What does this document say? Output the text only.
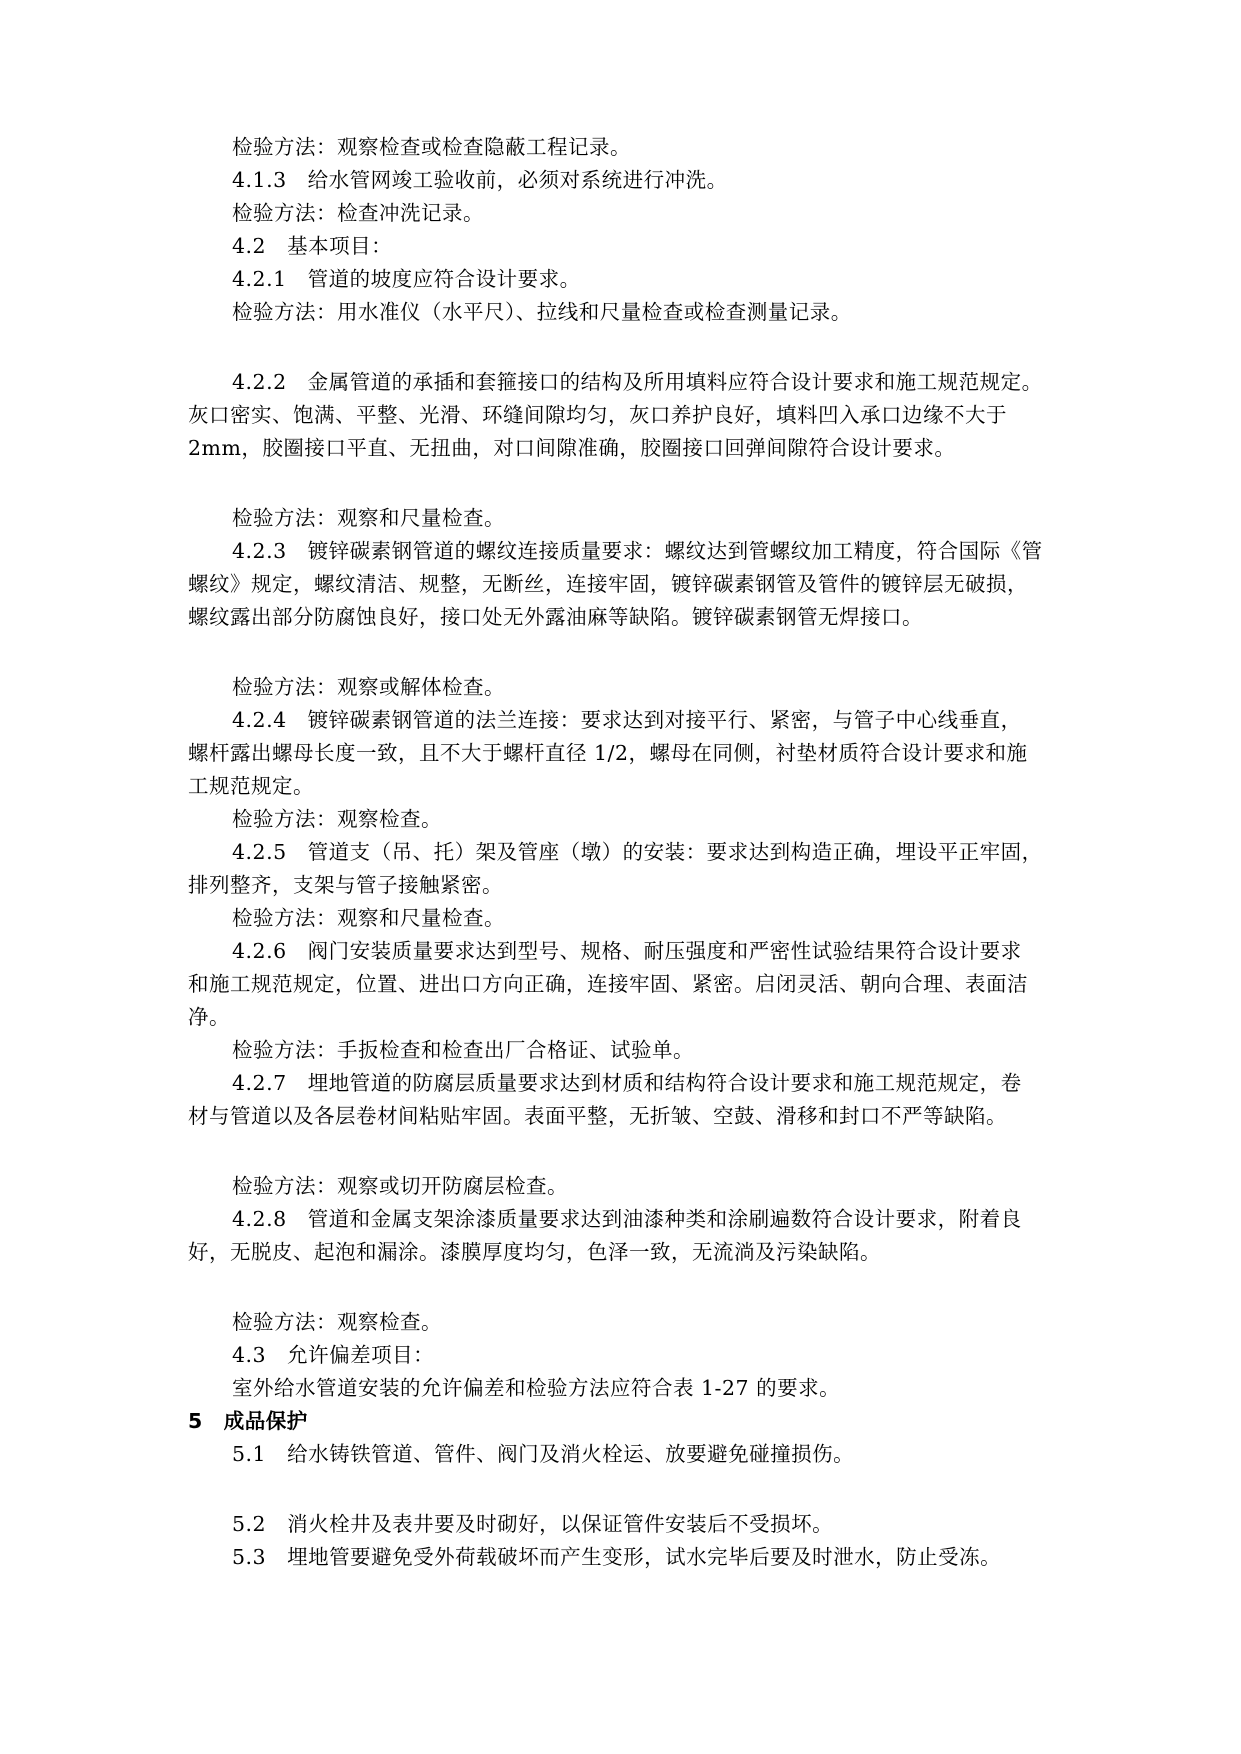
检验方法：观察检查或检查隐蔽工程记录。
4.1.3　给水管网竣工验收前，必须对系统进行冲洗。
检验方法：检查冲洗记录。
4.2　基本项目：
4.2.1　管道的坡度应符合设计要求。
检验方法：用水准仪（水平尺）、拉线和尺量检查或检查测量记录。
4.2.2　金属管道的承插和套箍接口的结构及所用填料应符合设计要求和施工规范规定。
灰口密实、饱满、平整、光滑、环缝间隙均匀，灰口养护良好，填料凹入承口边缘不大于
2mm，胶圈接口平直、无扭曲，对口间隙准确，胶圈接口回弹间隙符合设计要求。
检验方法：观察和尺量检查。
4.2.3　镀锌碳素钢管道的螺纹连接质量要求：螺纹达到管螺纹加工精度，符合国际《管
螺纹》规定，螺纹清洁、规整，无断丝，连接牢固，镀锌碳素钢管及管件的镀锌层无破损，
螺纹露出部分防腐蚀良好，接口处无外露油麻等缺陷。镀锌碳素钢管无焊接口。
检验方法：观察或解体检查。
4.2.4　镀锌碳素钢管道的法兰连接：要求达到对接平行、紧密，与管子中心线垂直，
螺杆露出螺母长度一致，且不大于螺杆直径 1/2，螺母在同侧，衬垫材质符合设计要求和施
工规范规定。
检验方法：观察检查。
4.2.5　管道支（吊、托）架及管座（墩）的安装：要求达到构造正确，埋设平正牢固，
排列整齐，支架与管子接触紧密。
检验方法：观察和尺量检查。
4.2.6　阀门安装质量要求达到型号、规格、耐压强度和严密性试验结果符合设计要求
和施工规范规定，位置、进出口方向正确，连接牢固、紧密。启闭灵活、朝向合理、表面洁
净。
检验方法：手扳检查和检查出厂合格证、试验单。
4.2.7　埋地管道的防腐层质量要求达到材质和结构符合设计要求和施工规范规定，卷
材与管道以及各层卷材间粘贴牢固。表面平整，无折皱、空鼓、滑移和封口不严等缺陷。
检验方法：观察或切开防腐层检查。
4.2.8　管道和金属支架涂漆质量要求达到油漆种类和涂刷遍数符合设计要求，附着良
好，无脱皮、起泡和漏涂。漆膜厚度均匀，色泽一致，无流淌及污染缺陷。
检验方法：观察检查。
4.3　允许偏差项目：
室外给水管道安装的允许偏差和检验方法应符合表 1-27 的要求。
5　成品保护
5.1　给水铸铁管道、管件、阀门及消火栓运、放要避免碰撞损伤。
5.2　消火栓井及表井要及时砌好，以保证管件安装后不受损坏。
5.3　埋地管要避免受外荷载破坏而产生变形，试水完毕后要及时泄水，防止受冻。
